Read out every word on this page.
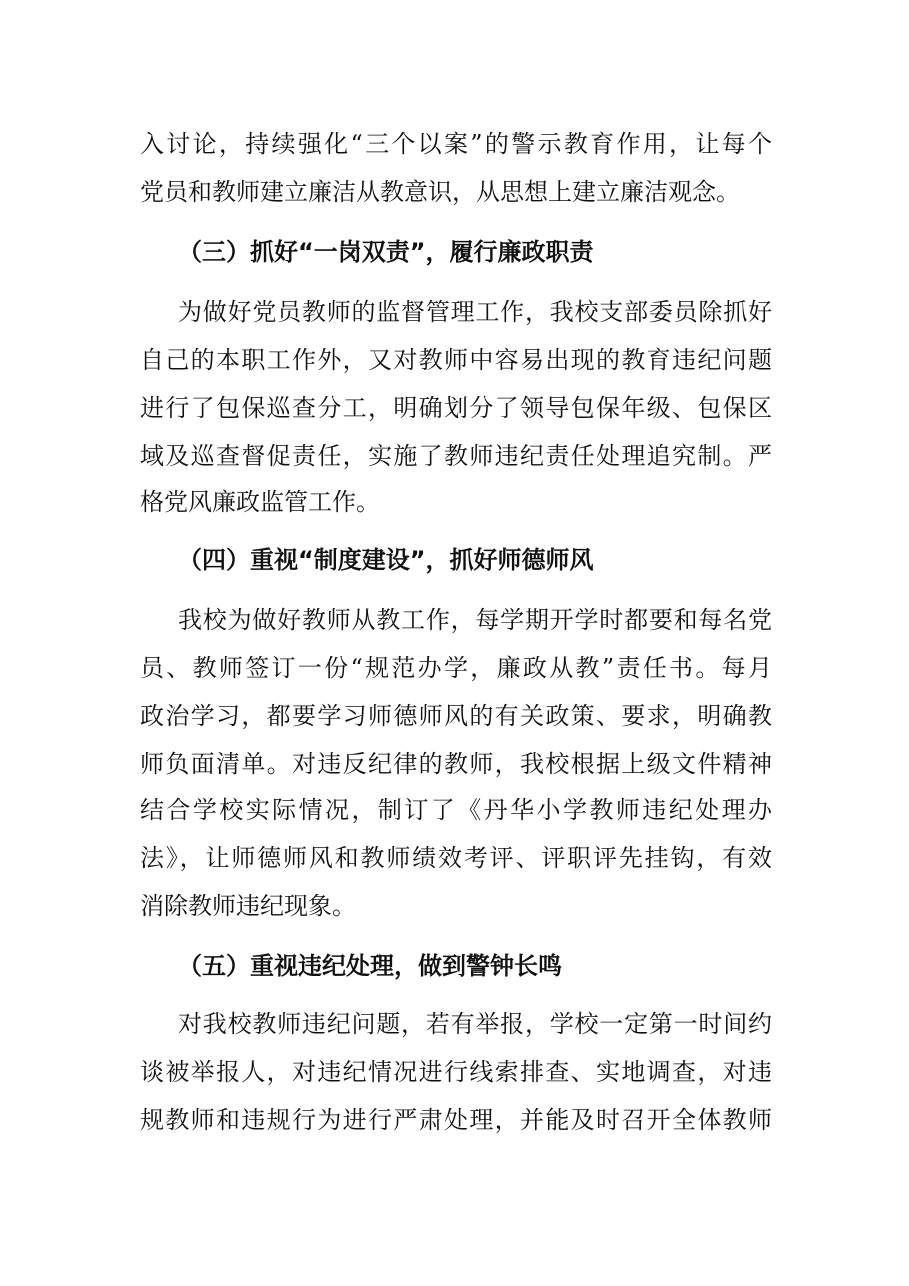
入讨论，持续强化“三个以案”的警示教育作用，让每个
党员和教师建立廉洁从教意识，从思想上建立廉洁观念。
（三）抓好“一岗双责”，履行廉政职责
为做好党员教师的监督管理工作，我校支部委员除抓好
自己的本职工作外，又对教师中容易出现的教育违纪问题
进行了包保巡查分工，明确划分了领导包保年级、包保区
域及巡查督促责任，实施了教师违纪责任处理追究制。严
格党风廉政监管工作。
（四）重视“制度建设”，抓好师德师风
我校为做好教师从教工作，每学期开学时都要和每名党
员、教师签订一份“规范办学，廉政从教”责任书。每月
政治学习，都要学习师德师风的有关政策、要求，明确教
师负面清单。对违反纪律的教师，我校根据上级文件精神
结合学校实际情况，制订了《丹华小学教师违纪处理办
法》，让师德师风和教师绩效考评、评职评先挂钩，有效
消除教师违纪现象。
（五）重视违纪处理，做到警钟长鸣
对我校教师违纪问题，若有举报，学校一定第一时间约
谈被举报人，对违纪情况进行线索排查、实地调查，对违
规教师和违规行为进行严肃处理，并能及时召开全体教师
